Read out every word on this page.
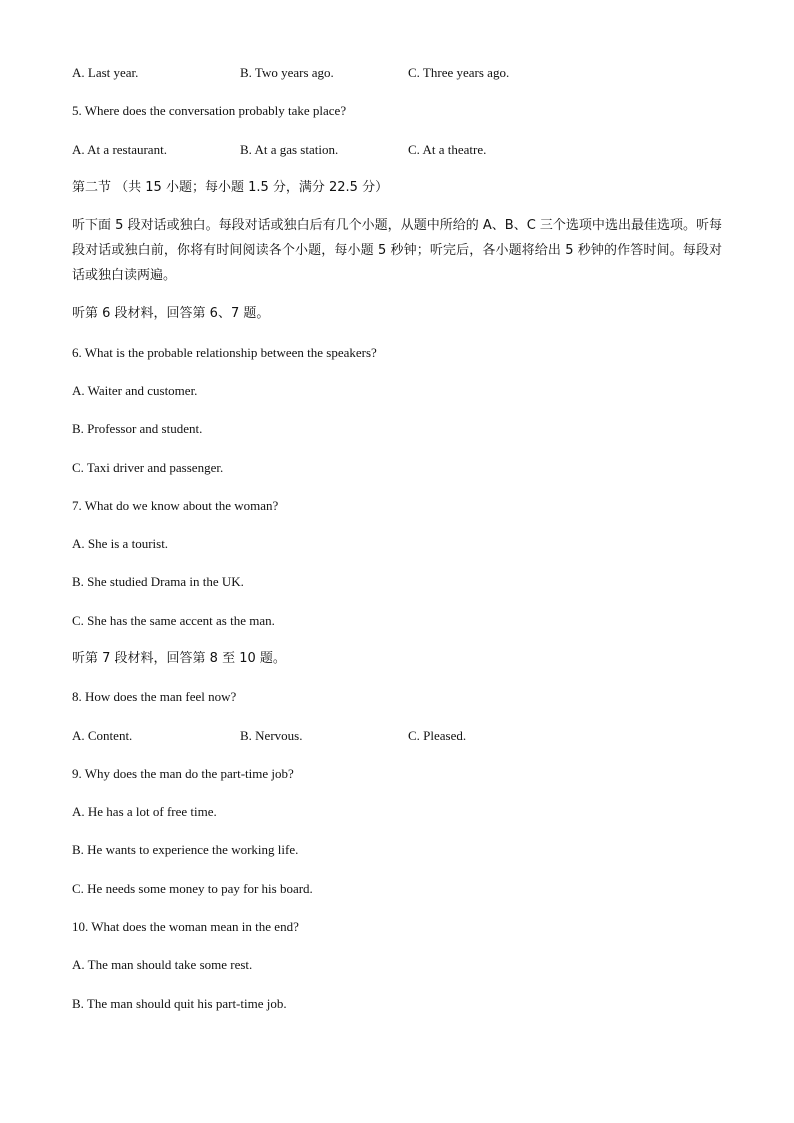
A. Last year.	B. Two years ago.	C. Three years ago.
5. Where does the conversation probably take place?
A. At a restaurant.	B. At a gas station.	C. At a theatre.
第二节 （共 15 小题；每小题 1.5 分，满分 22.5 分）
听下面 5 段对话或独白。每段对话或独白后有几个小题，从题中所给的 A、B、C 三个选项中选出最佳选项。听每段对话或独白前，你将有时间阅读各个小题，每小题 5 秒钟；听完后，各小题将给出 5 秒钟的作答时间。每段对话或独白读两遍。
听第 6 段材料，回答第 6、7 题。
6. What is the probable relationship between the speakers?
A. Waiter and customer.
B. Professor and student.
C. Taxi driver and passenger.
7. What do we know about the woman?
A. She is a tourist.
B. She studied Drama in the UK.
C. She has the same accent as the man.
听第 7 段材料，回答第 8 至 10 题。
8. How does the man feel now?
A. Content.	B. Nervous.	C. Pleased.
9. Why does the man do the part-time job?
A. He has a lot of free time.
B. He wants to experience the working life.
C. He needs some money to pay for his board.
10. What does the woman mean in the end?
A. The man should take some rest.
B. The man should quit his part-time job.
